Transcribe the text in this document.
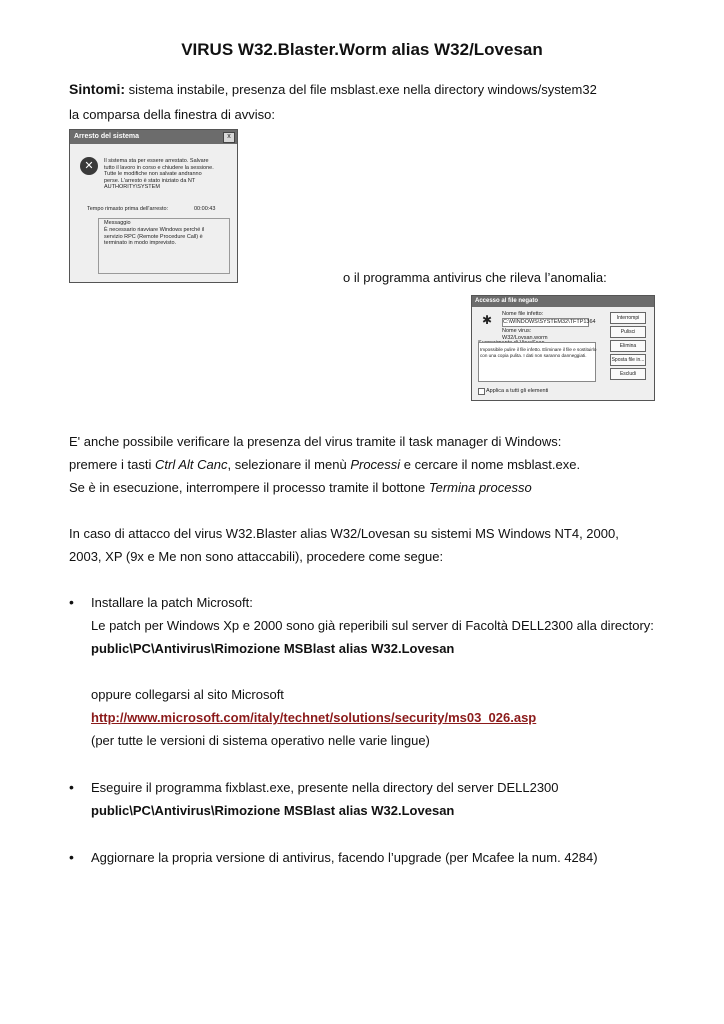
VIRUS W32.Blaster.Worm alias W32/Lovesan
Sintomi: sistema instabile, presenza del file msblast.exe nella directory windows/system32
la comparsa della finestra di avviso:
Arresto del sistema	x
✕	Il sistema sta per essere arrestato. Salvare
tutto il lavoro in corso e chiudere la sessione.
Tutte le modifiche non salvate andranno
perse. L'arresto è stato iniziato da NT
AUTHORITY\SYSTEM
Tempo rimasto prima dell'arresto:	00:00:43
Messaggio
È necessario riavviare Windows perché il
servizio RPC (Remote Procedure Call) è
terminato in modo imprevisto.
o il programma antivirus che rileva l’anomalia:
Accesso al file negato
✱	Nome file infetto:
C:\WINDOWS\SYSTEM32\TFTP1364
Nome virus:
W32/Lovsan.worm
Impossibile pulire il file infetto. Eliminare il file e sostituirlo
con una copia pulita. I dati non saranno danneggiati.
Interrompi
Pulisci
Elimina
Sposta file in...
Escludi
Applica a tutti gli elementi
E' anche possibile verificare la presenza del virus tramite il task manager di Windows:
premere i tasti Ctrl Alt Canc, selezionare il menù Processi e cercare il nome msblast.exe.
Se è in esecuzione, interrompere il processo tramite il bottone Termina processo
In caso di attacco del virus W32.Blaster alias W32/Lovesan su sistemi MS Windows NT4, 2000,
2003, XP (9x e Me non sono attaccabili), procedere come segue:
• Installare la patch Microsoft:
Le patch per Windows Xp e 2000 sono già reperibili sul server di Facoltà DELL2300 alla directory:
public\PC\Antivirus\Rimozione MSBlast alias W32.Lovesan
oppure collegarsi al sito Microsoft
http://www.microsoft.com/italy/technet/solutions/security/ms03_026.asp
(per tutte le versioni di sistema operativo nelle varie lingue)
• Eseguire il programma fixblast.exe, presente nella directory del server DELL2300
public\PC\Antivirus\Rimozione MSBlast alias W32.Lovesan
• Aggiornare la propria versione di antivirus, facendo l’upgrade (per Mcafee la num. 4284)
